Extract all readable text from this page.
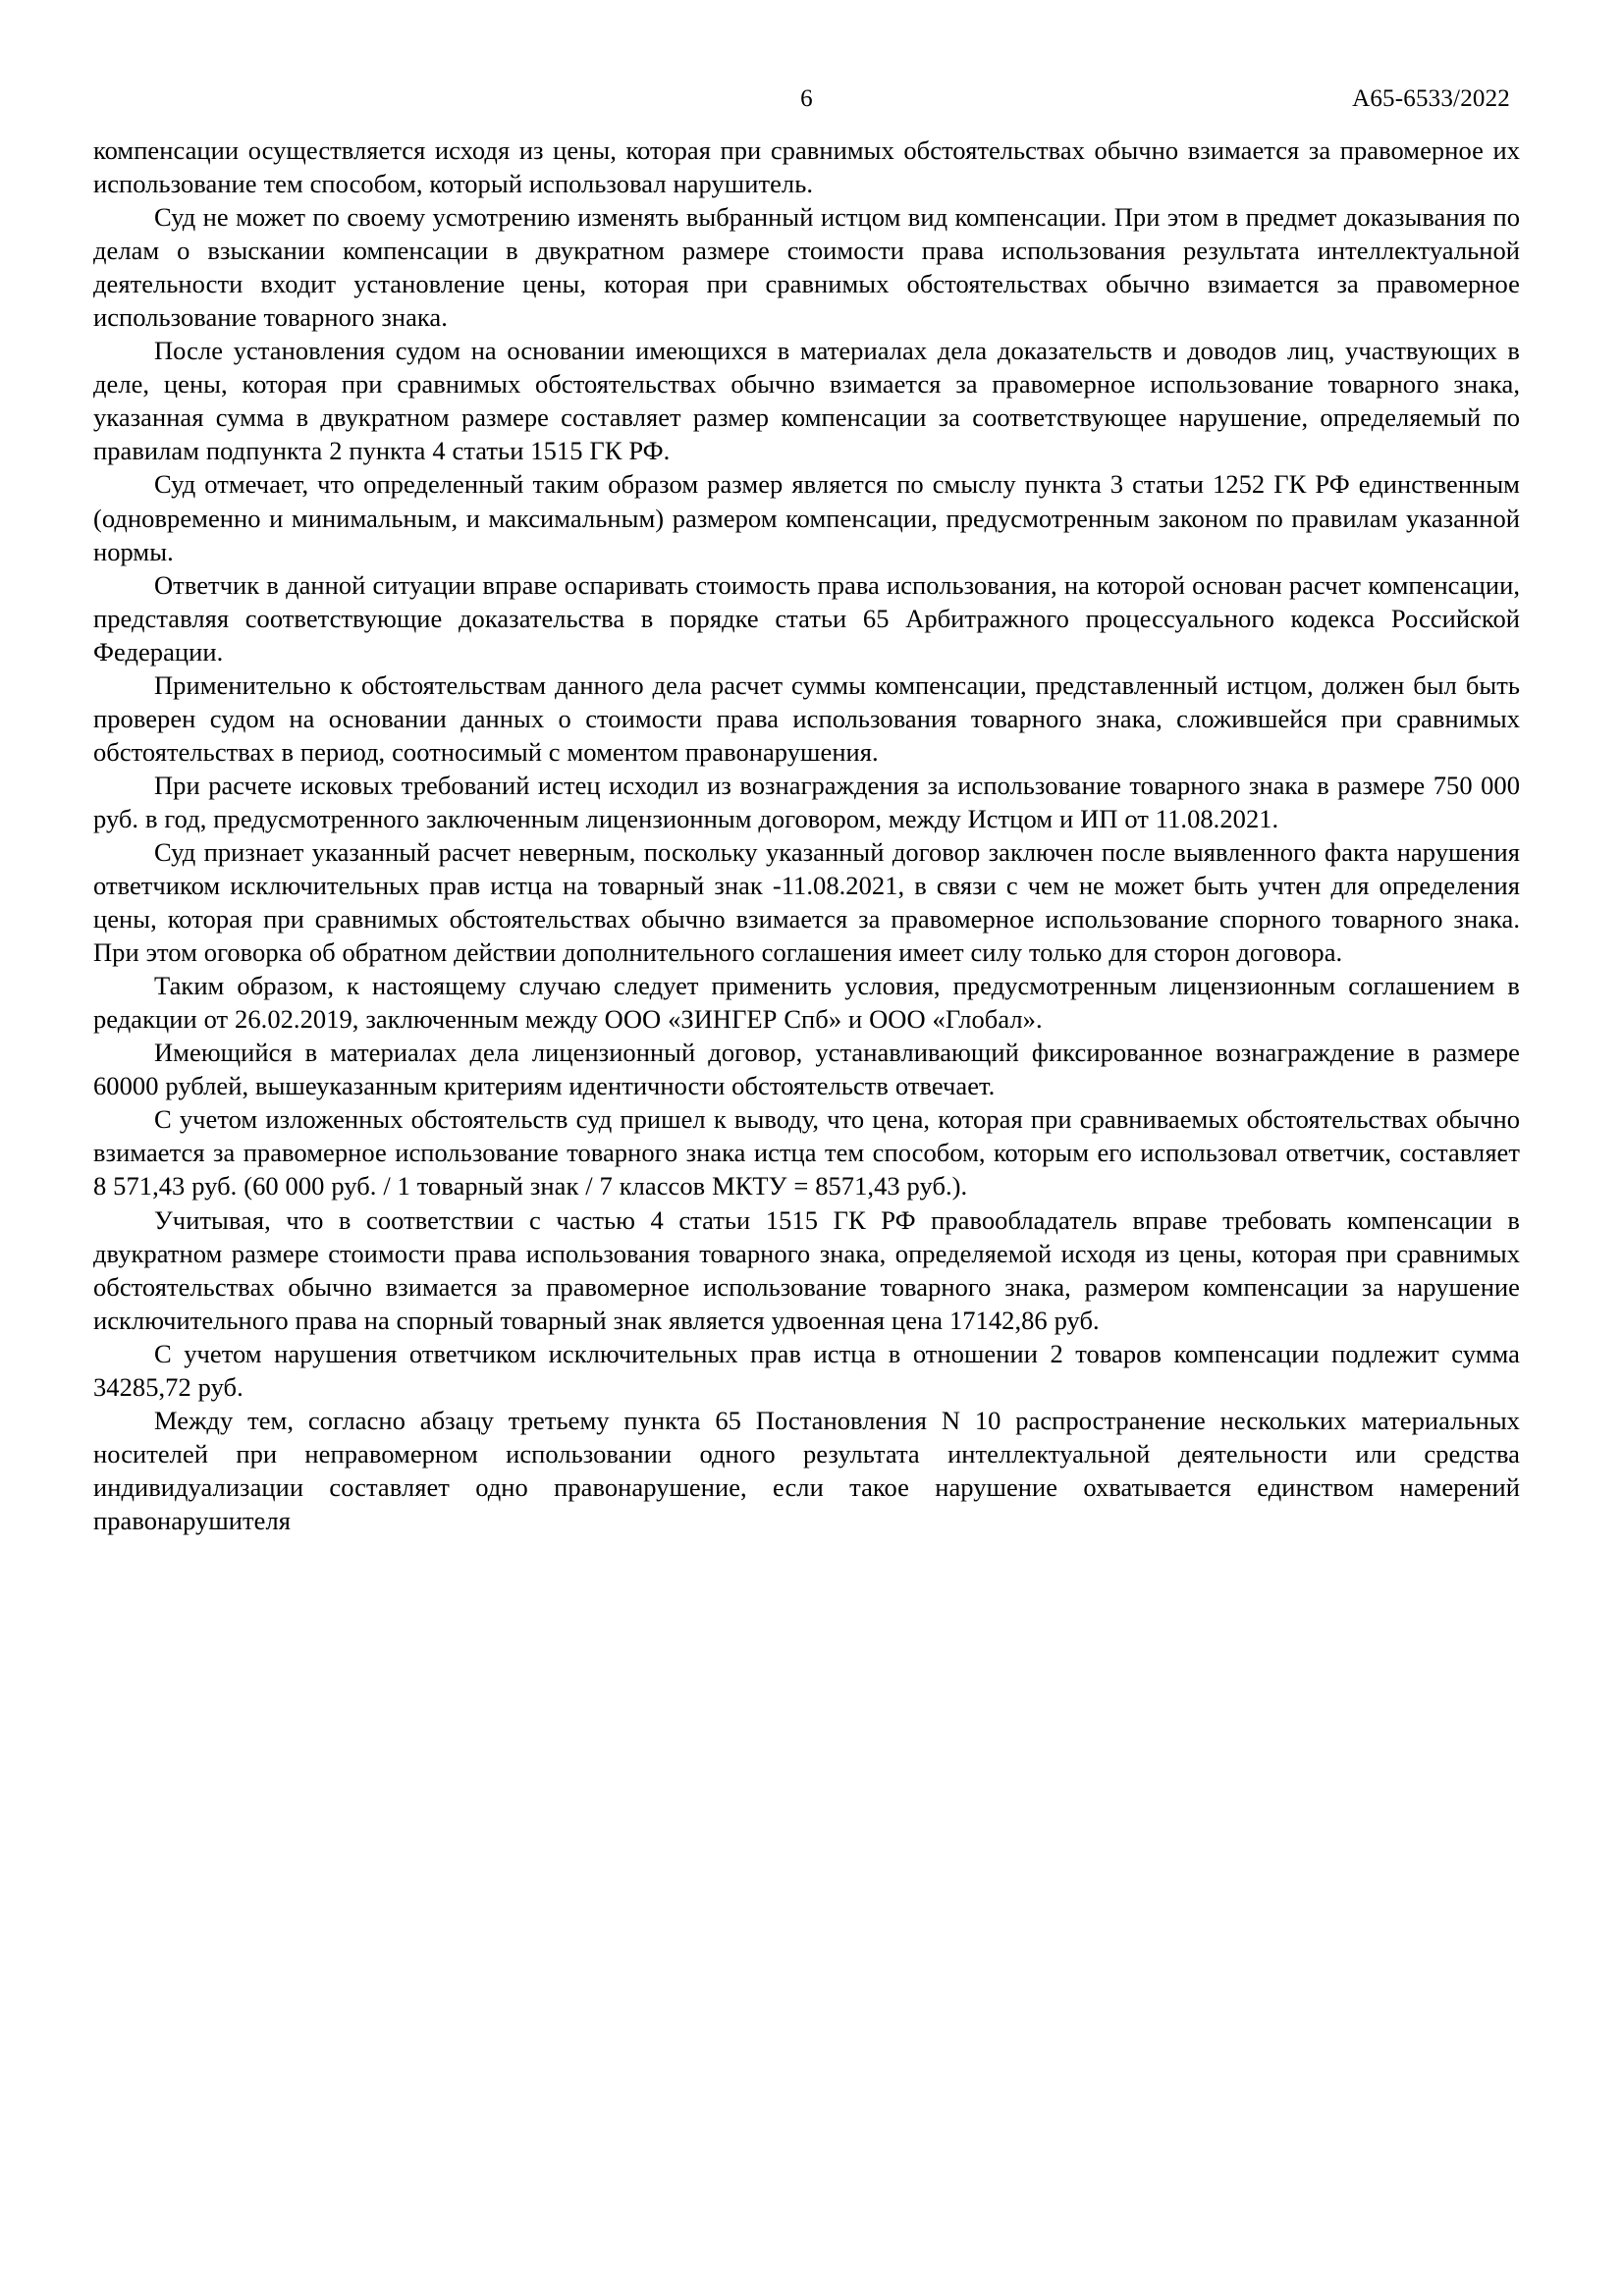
6	А65-6533/2022

компенсации осуществляется исходя из цены, которая при сравнимых обстоятельствах обычно взимается за правомерное их использование тем способом, который использовал нарушитель.

Суд не может по своему усмотрению изменять выбранный истцом вид компенсации. При этом в предмет доказывания по делам о взыскании компенсации в двукратном размере стоимости права использования результата интеллектуальной деятельности входит установление цены, которая при сравнимых обстоятельствах обычно взимается за правомерное использование товарного знака.

После установления судом на основании имеющихся в материалах дела доказательств и доводов лиц, участвующих в деле, цены, которая при сравнимых обстоятельствах обычно взимается за правомерное использование товарного знака, указанная сумма в двукратном размере составляет размер компенсации за соответствующее нарушение, определяемый по правилам подпункта 2 пункта 4 статьи 1515 ГК РФ.

Суд отмечает, что определенный таким образом размер является по смыслу пункта 3 статьи 1252 ГК РФ единственным (одновременно и минимальным, и максимальным) размером компенсации, предусмотренным законом по правилам указанной нормы.

Ответчик в данной ситуации вправе оспаривать стоимость права использования, на которой основан расчет компенсации, представляя соответствующие доказательства в порядке статьи 65 Арбитражного процессуального кодекса Российской Федерации.

Применительно к обстоятельствам данного дела расчет суммы компенсации, представленный истцом, должен был быть проверен судом на основании данных о стоимости права использования товарного знака, сложившейся при сравнимых обстоятельствах в период, соотносимый с моментом правонарушения.

При расчете исковых требований истец исходил из вознаграждения за использование товарного знака в размере 750 000 руб. в год, предусмотренного заключенным лицензионным договором, между Истцом и ИП от 11.08.2021.

Суд признает указанный расчет неверным, поскольку указанный договор заключен после выявленного факта нарушения ответчиком исключительных прав истца на товарный знак -11.08.2021, в связи с чем не может быть учтен для определения цены, которая при сравнимых обстоятельствах обычно взимается за правомерное использование спорного товарного знака. При этом оговорка об обратном действии дополнительного соглашения имеет силу только для сторон договора.

Таким образом, к настоящему случаю следует применить условия, предусмотренным лицензионным соглашением в редакции от 26.02.2019, заключенным между ООО «ЗИНГЕР Спб» и ООО «Глобал».

Имеющийся в материалах дела лицензионный договор, устанавливающий фиксированное вознаграждение в размере 60000 рублей, вышеуказанным критериям идентичности обстоятельств отвечает.

С учетом изложенных обстоятельств суд пришел к выводу, что цена, которая при сравниваемых обстоятельствах обычно взимается за правомерное использование товарного знака истца тем способом, которым его использовал ответчик, составляет 8 571,43 руб. (60 000 руб. / 1 товарный знак / 7 классов МКТУ = 8571,43 руб.).

Учитывая, что в соответствии с частью 4 статьи 1515 ГК РФ правообладатель вправе требовать компенсации в двукратном размере стоимости права использования товарного знака, определяемой исходя из цены, которая при сравнимых обстоятельствах обычно взимается за правомерное использование товарного знака, размером компенсации за нарушение исключительного права на спорный товарный знак является удвоенная цена 17142,86 руб.

С учетом нарушения ответчиком исключительных прав истца в отношении 2 товаров компенсации подлежит сумма 34285,72 руб.

Между тем, согласно абзацу третьему пункта 65 Постановления N 10 распространение нескольких материальных носителей при неправомерном использовании одного результата интеллектуальной деятельности или средства индивидуализации составляет одно правонарушение, если такое нарушение охватывается единством намерений правонарушителя
